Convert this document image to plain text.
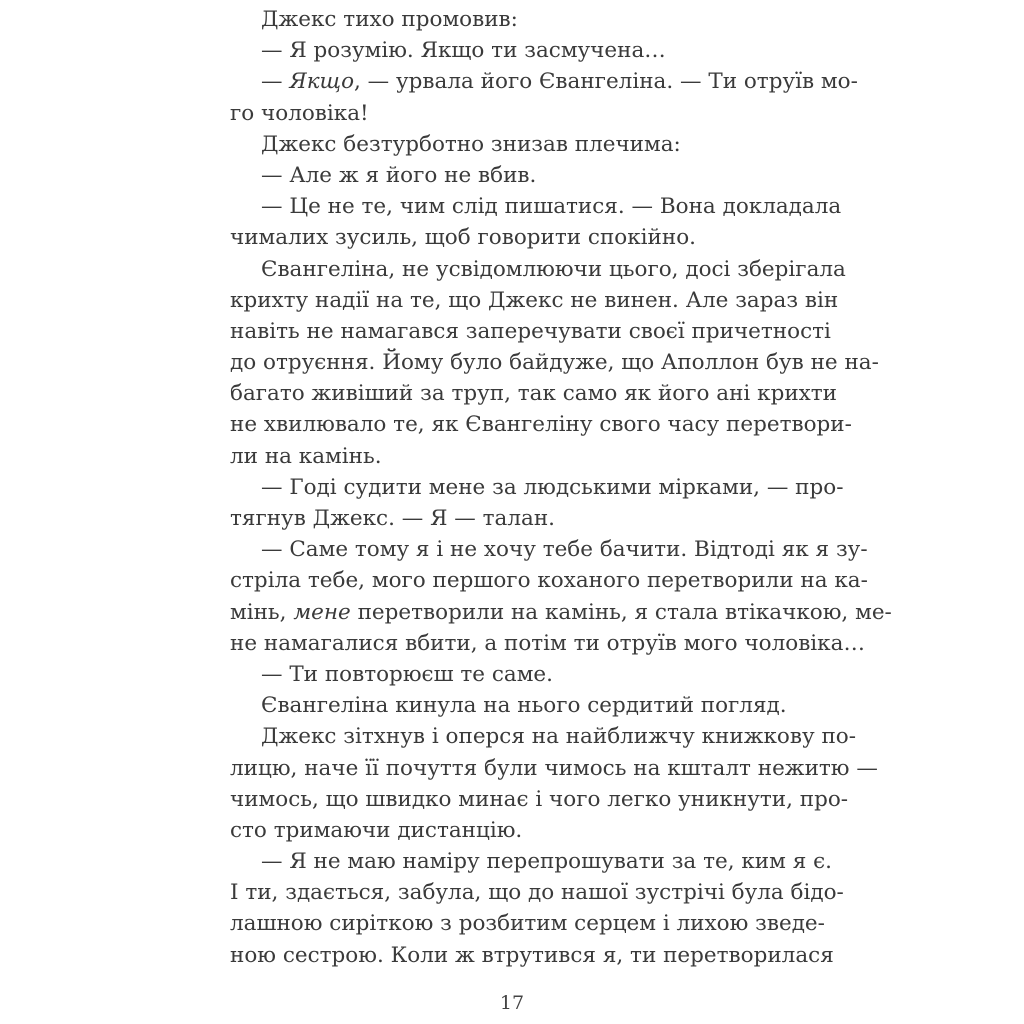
Джекс тихо промовив:
— Я розумію. Якщо ти засмучена…
— Якщо, — урвала його Євангеліна. — Ти отруїв мо-
го чоловіка!
Джекс безтурботно знизав плечима:
— Але ж я його не вбив.
— Це не те, чим слід пишатися. — Вона докладала
чималих зусиль, щоб говорити спокійно.
Євангеліна, не усвідомлюючи цього, досі зберігала
крихту надії на те, що Джекс не винен. Але зараз він
навіть не намагався заперечувати своєї причетності
до отруєння. Йому було байдуже, що Аполлон був не на-
багато живіший за труп, так само як його ані крихти
не хвилювало те, як Євангеліну свого часу перетвори-
ли на камінь.
— Годі судити мене за людськими мірками, — про-
тягнув Джекс. — Я — талан.
— Саме тому я і не хочу тебе бачити. Відтоді як я зу-
стріла тебе, мого першого коханого перетворили на ка-
мінь, мене перетворили на камінь, я стала втікачкою, ме-
не намагалися вбити, а потім ти отруїв мого чоловіка…
— Ти повторюєш те саме.
Євангеліна кинула на нього сердитий погляд.
Джекс зітхнув і оперся на найближчу книжкову по-
лицю, наче її почуття були чимось на кшталт нежитю —
чимось, що швидко минає і чого легко уникнути, про-
сто тримаючи дистанцію.
— Я не маю наміру перепрошувати за те, ким я є.
І ти, здається, забула, що до нашої зустрічі була бідо-
лашною сиріткою з розбитим серцем і лихою зведе-
ною сестрою. Коли ж втрутився я, ти перетворилася
17
